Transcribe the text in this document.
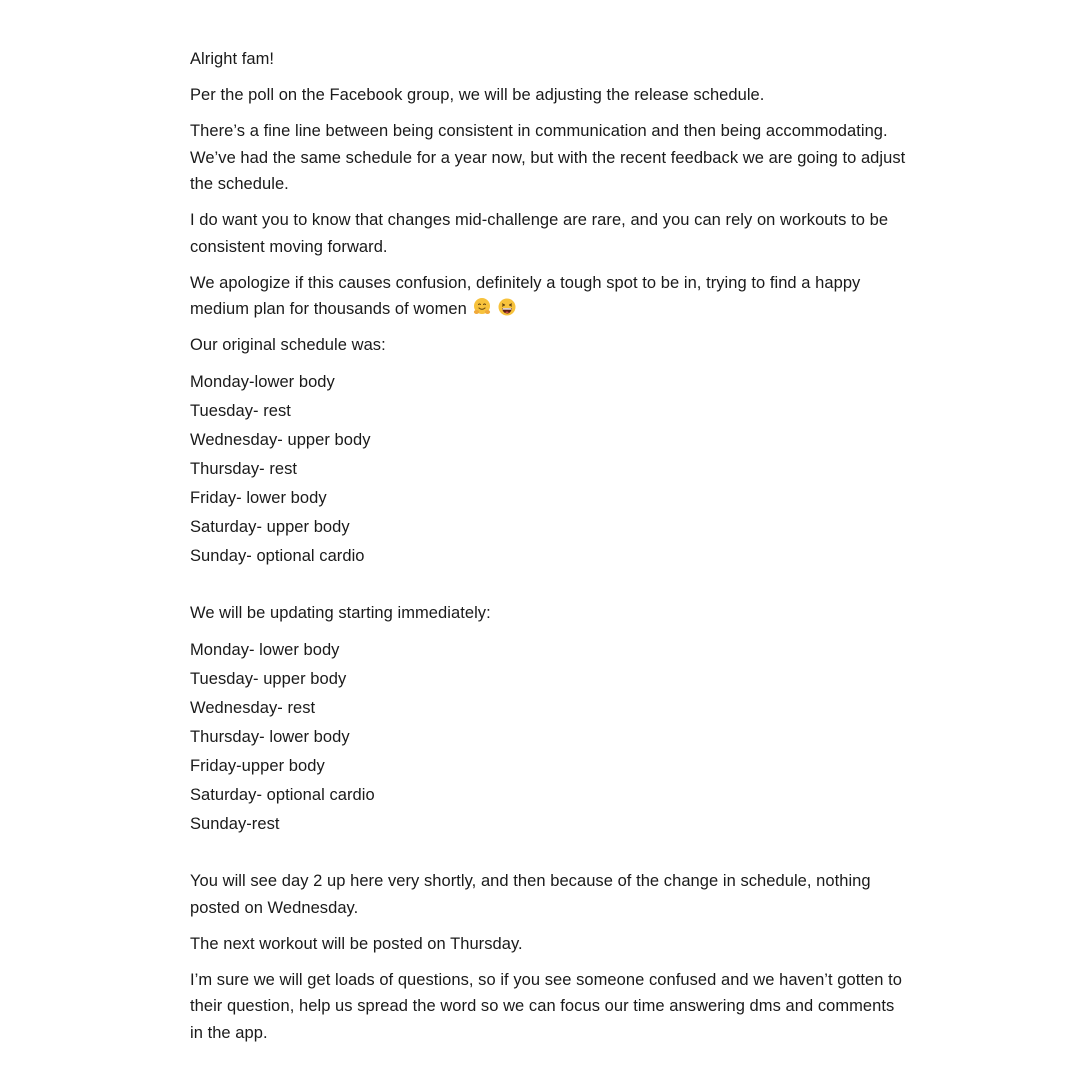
Alright fam!

Per the poll on the Facebook group, we will be adjusting the release schedule.

There’s a fine line between being consistent in communication and then being accommodating. We’ve had the same schedule for a year now, but with the recent feedback we are going to adjust the schedule.

I do want you to know that changes mid-challenge are rare, and you can rely on workouts to be consistent moving forward.

We apologize if this causes confusion, definitely a tough spot to be in, trying to find a happy medium plan for thousands of women

Our original schedule was:

Monday-lower body
Tuesday- rest
Wednesday- upper body
Thursday- rest
Friday- lower body
Saturday- upper body
Sunday- optional cardio

We will be updating starting immediately:

Monday- lower body
Tuesday- upper body
Wednesday- rest
Thursday- lower body
Friday-upper body
Saturday- optional cardio
Sunday-rest

You will see day 2 up here very shortly, and then because of the change in schedule, nothing posted on Wednesday.

The next workout will be posted on Thursday.

I’m sure we will get loads of questions, so if you see someone confused and we haven’t gotten to their question, help us spread the word so we can focus our time answering dms and comments in the app.
